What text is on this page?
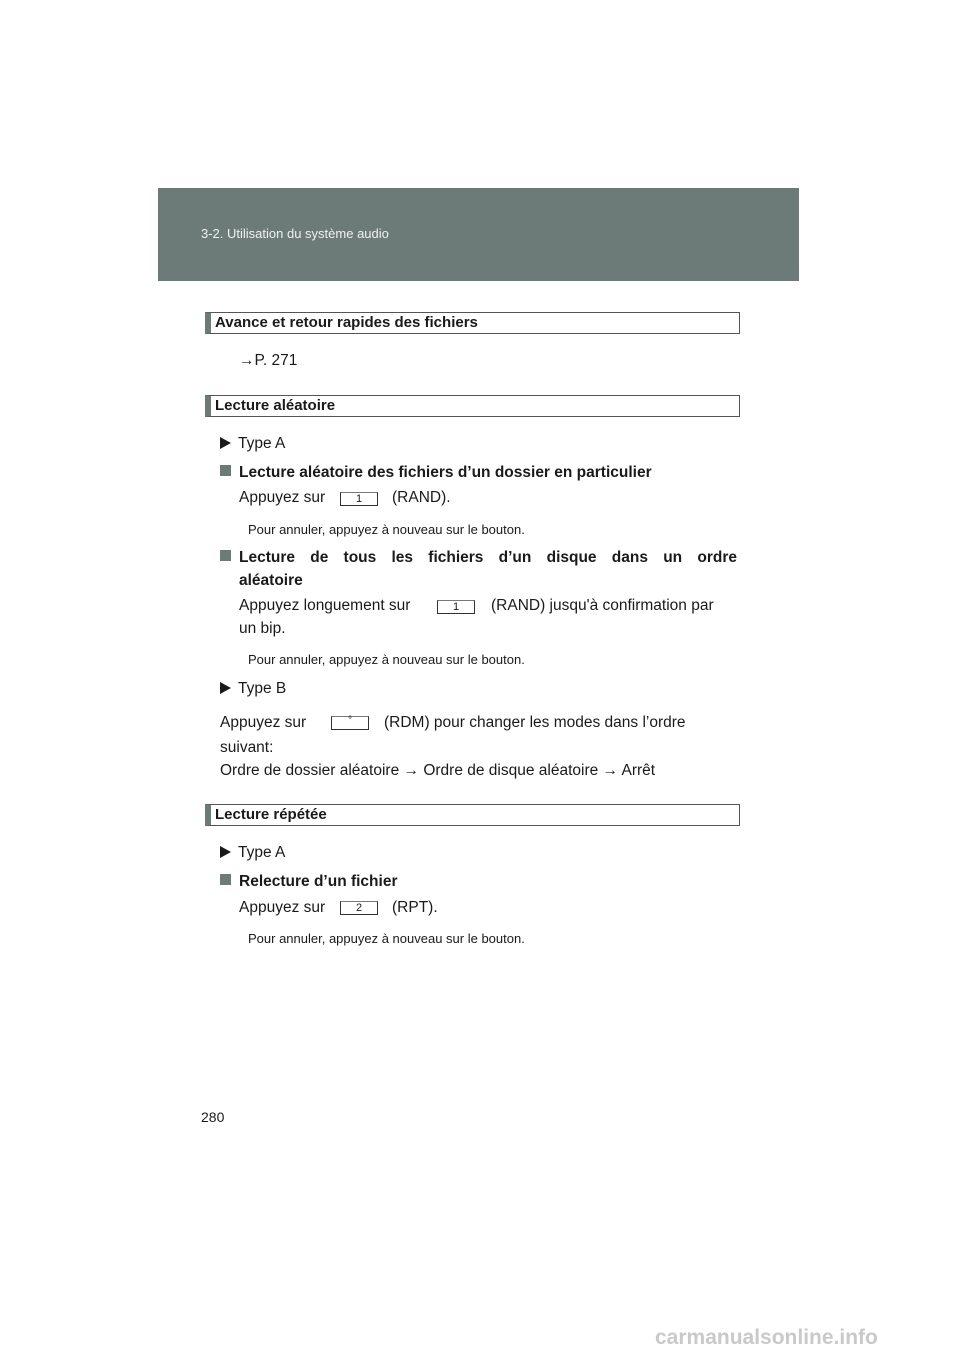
3-2. Utilisation du système audio
Avance et retour rapides des fichiers
→P. 271
Lecture aléatoire
Type A
Lecture aléatoire des fichiers d’un dossier en particulier
Appuyez sur	1	(RAND).
Pour annuler, appuyez à nouveau sur le bouton.
Lecture de tous les fichiers d’un disque dans un ordre
aléatoire
Appuyez longuement sur	1	(RAND) jusqu'à confirmation par
un bip.
Pour annuler, appuyez à nouveau sur le bouton.
Type B
Appuyez sur	°	(RDM) pour changer les modes dans l’ordre
suivant:
Ordre de dossier aléatoire → Ordre de disque aléatoire → Arrêt
Lecture répétée
Type A
Relecture d’un fichier
Appuyez sur	2	(RPT).
Pour annuler, appuyez à nouveau sur le bouton.
280
carmanualsonline.info
